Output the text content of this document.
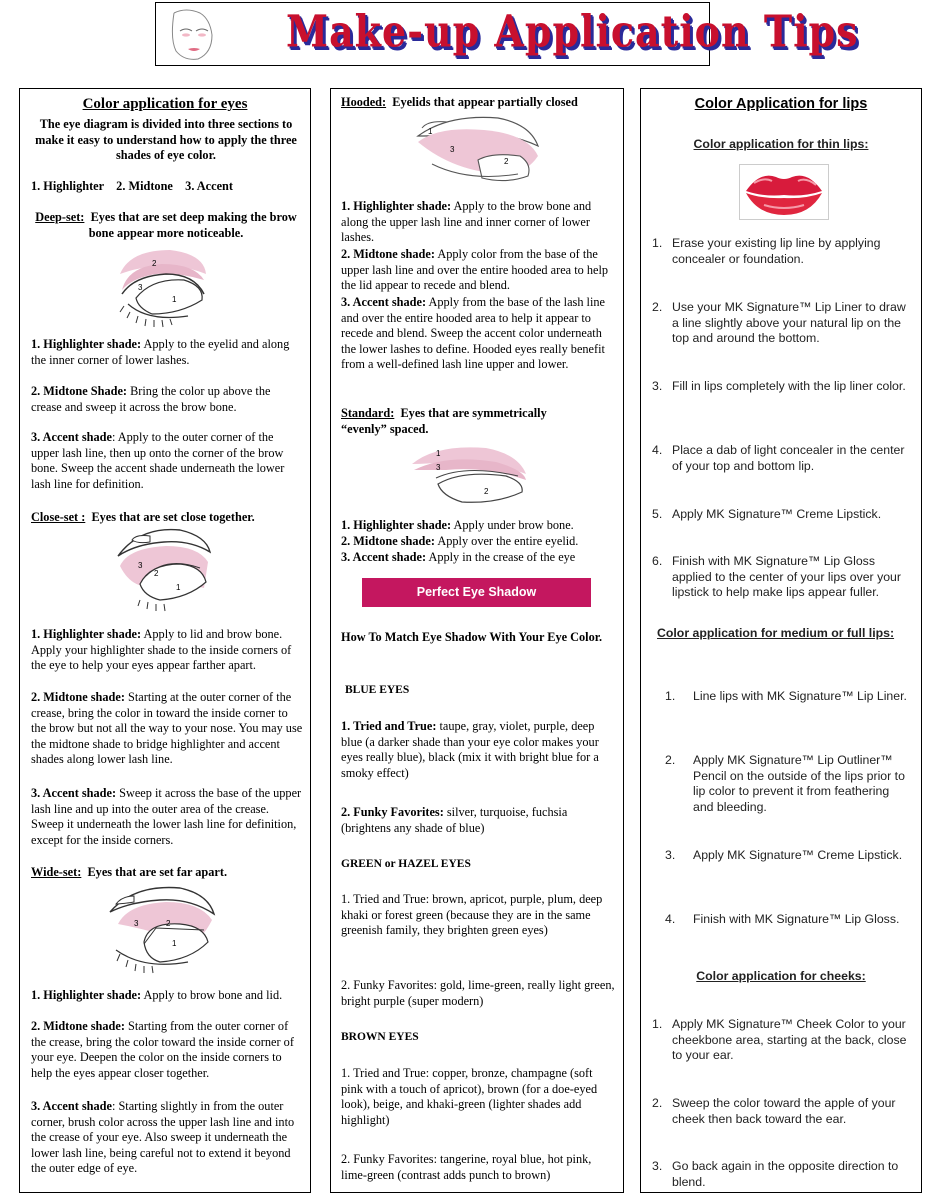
Make-up Application Tips
Color application for eyes
The eye diagram is divided into three sections to make it easy to understand how to apply the three shades of eye color.
1. Highlighter    2. Midtone    3. Accent
Deep-set: Eyes that are set deep making the brow bone appear more noticeable.
2
3
1
1. Highlighter shade: Apply to the eyelid and along the inner corner of lower lashes.
2. Midtone Shade: Bring the color up above the crease and sweep it across the brow bone.
3. Accent shade: Apply to the outer corner of the upper lash line, then up onto the corner of the brow bone. Sweep the accent shade underneath the lower lash line for definition.
Close-set : Eyes that are set close together.
3
2
1
1. Highlighter shade: Apply to lid and brow bone. Apply your highlighter shade to the inside corners of the eye to help your eyes appear farther apart.
2. Midtone shade: Starting at the outer corner of the crease, bring the color in toward the inside corner to the brow but not all the way to your nose. You may use the midtone shade to bridge highlighter and accent shades along lower lash line.
3. Accent shade: Sweep it across the base of the upper lash line and up into the outer area of the crease. Sweep it underneath the lower lash line for definition, except for the inside corners.
Wide-set: Eyes that are set far apart.
3	2
1
1. Highlighter shade: Apply to brow bone and lid.
2. Midtone shade: Starting from the outer corner of the crease, bring the color toward the inside corner of your eye. Deepen the color on the inside corners to help the eyes appear closer together.
3. Accent shade: Starting slightly in from the outer corner, brush color across the upper lash line and into the crease of your eye. Also sweep it underneath the lower lash line, being careful not to extend it beyond the outer edge of eye.
Hooded: Eyelids that appear partially closed
3
2
1
1. Highlighter shade: Apply to the brow bone and along the upper lash line and inner corner of lower lashes.
2. Midtone shade: Apply color from the base of the upper lash line and over the entire hooded area to help the lid appear to recede and blend.
3. Accent shade: Apply from the base of the lash line and over the entire hooded area to help it appear to recede and blend. Sweep the accent color underneath the lower lashes to define. Hooded eyes really benefit from a well-defined lash line upper and lower.
Standard: Eyes that are symmetrically “evenly” spaced.
1
3
2
1. Highlighter shade: Apply under brow bone.
2. Midtone shade: Apply over the entire eyelid.
3. Accent shade: Apply in the crease of the eye
Perfect Eye Shadow
How To Match Eye Shadow With Your Eye Color.
BLUE EYES
1. Tried and True: taupe, gray, violet, purple, deep blue (a darker shade than your eye color makes your eyes really blue), black (mix it with bright blue for a smoky effect)
2. Funky Favorites: silver, turquoise, fuchsia (brightens any shade of blue)
GREEN or HAZEL EYES
1. Tried and True: brown, apricot, purple, plum, deep khaki or forest green (because they are in the same greenish family, they brighten green eyes)
2. Funky Favorites: gold, lime-green, really light green, bright purple (super modern)
BROWN EYES
1. Tried and True: copper, bronze, champagne (soft pink with a touch of apricot), brown (for a doe-eyed look), beige, and khaki-green (lighter shades add highlight)
2. Funky Favorites: tangerine, royal blue, hot pink, lime-green (contrast adds punch to brown)
Color Application for lips
Color application for thin lips:
1. Erase your existing lip line by applying concealer or foundation.
2. Use your MK Signature™ Lip Liner to draw a line slightly above your natural lip on the top and around the bottom.
3. Fill in lips completely with the lip liner color.
4. Place a dab of light concealer in the center of your top and bottom lip.
5. Apply MK Signature™ Creme Lipstick.
6. Finish with MK Signature™ Lip Gloss applied to the center of your lips over your lipstick to help make lips appear fuller.
Color application for medium or full lips:
1. Line lips with MK Signature™ Lip Liner.
2. Apply MK Signature™ Lip Outliner™ Pencil on the outside of the lips prior to lip color to prevent it from feathering and bleeding.
3. Apply MK Signature™ Creme Lipstick.
4. Finish with MK Signature™ Lip Gloss.
Color application for cheeks:
1. Apply MK Signature™ Cheek Color to your cheekbone area, starting at the back, close to your ear.
2. Sweep the color toward the apple of your cheek then back toward the ear.
3. Go back again in the opposite direction to blend.
